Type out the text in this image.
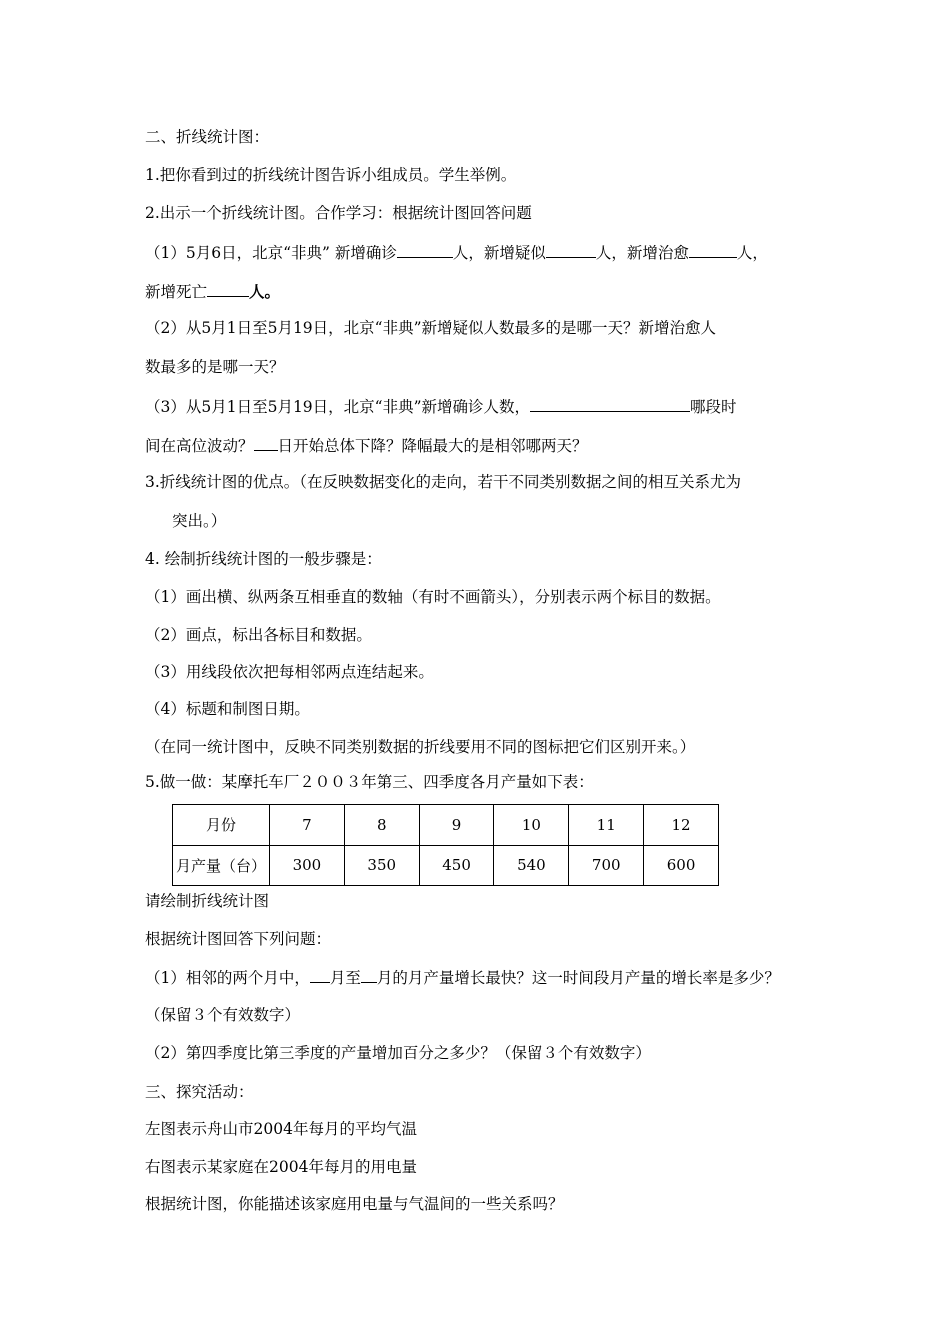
二、折线统计图：
1.把你看到过的折线统计图告诉小组成员。学生举例。
2.出示一个折线统计图。合作学习：根据统计图回答问题
（1）5月6日，北京“非典” 新增确诊	人，新增疑似	人，新增治愈	人，
新增死亡	人。
（2）从5月1日至5月19日，北京“非典”新增疑似人数最多的是哪一天？新增治愈人
数最多的是哪一天？
（3）从5月1日至5月19日，北京“非典”新增确诊人数，	哪段时
间在高位波动？ 日开始总体下降？降幅最大的是相邻哪两天？
3.折线统计图的优点。（在反映数据变化的走向，若干不同类别数据之间的相互关系尤为
突出。）
4. 绘制折线统计图的一般步骤是：
（1）画出横、纵两条互相垂直的数轴（有时不画箭头），分别表示两个标目的数据。
（2）画点，标出各标目和数据。
（3）用线段依次把每相邻两点连结起来。
（4）标题和制图日期。
（在同一统计图中，反映不同类别数据的折线要用不同的图标把它们区别开来。）
5.做一做：某摩托车厂２００３年第三、四季度各月产量如下表：
月份	7	8	9	10	11	12
月产量（台）	300	350	450	540	700	600
请绘制折线统计图
根据统计图回答下列问题：
（1）相邻的两个月中， 月至 月的月产量增长最快？这一时间段月产量的增长率是多少？
（保留３个有效数字）
（2）第四季度比第三季度的产量增加百分之多少？（保留３个有效数字）
三、探究活动：
左图表示舟山市2004年每月的平均气温
右图表示某家庭在2004年每月的用电量
根据统计图，你能描述该家庭用电量与气温间的一些关系吗？
